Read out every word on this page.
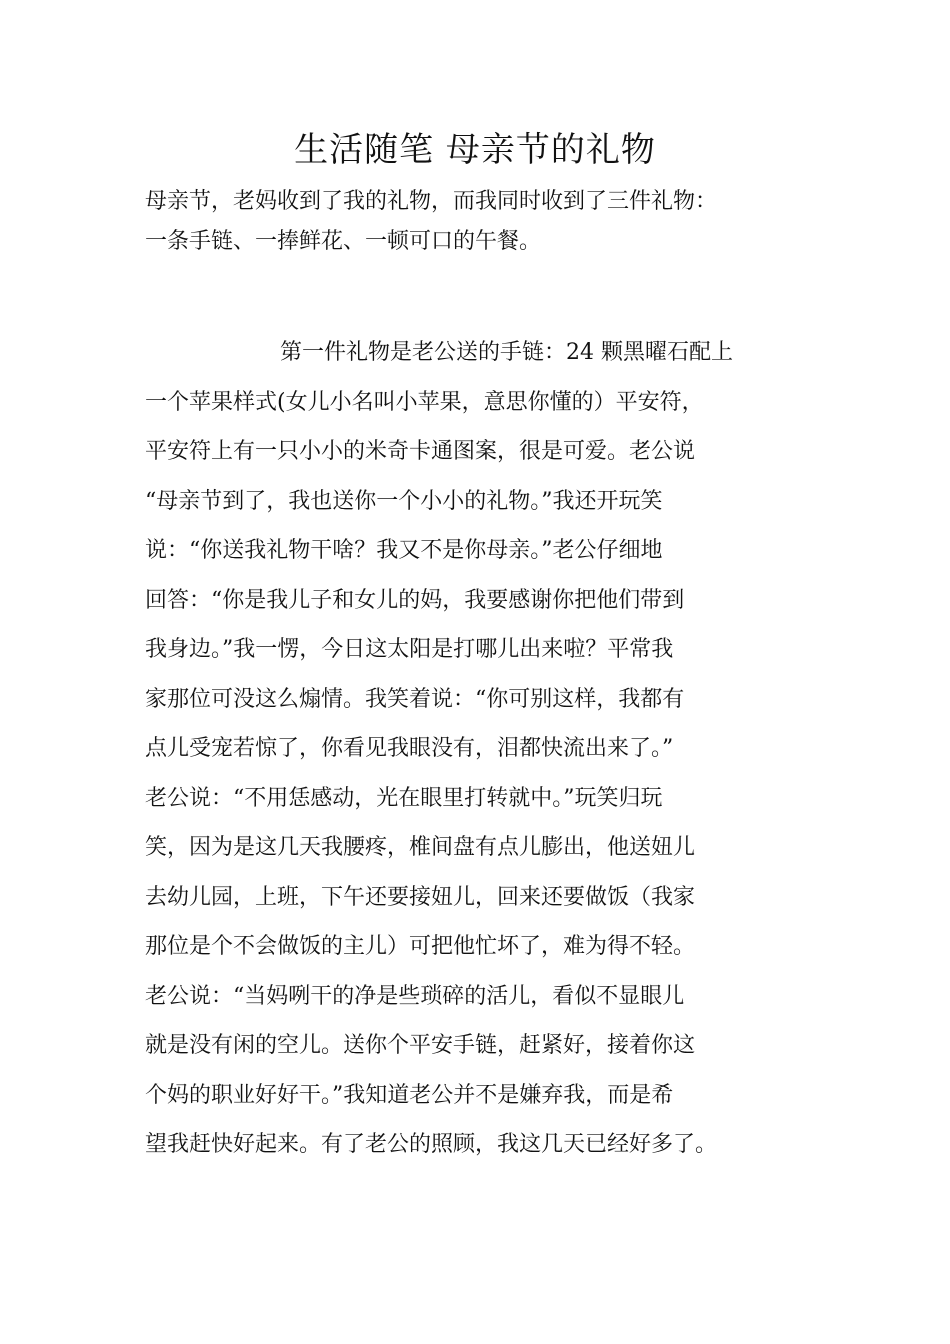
生活随笔 母亲节的礼物
母亲节，老妈收到了我的礼物，而我同时收到了三件礼物：
一条手链、一捧鲜花、一顿可口的午餐。
第一件礼物是老公送的手链：24 颗黑曜石配上
一个苹果样式(女儿小名叫小苹果，意思你懂的）平安符，
平安符上有一只小小的米奇卡通图案，很是可爱。老公说
“母亲节到了，我也送你一个小小的礼物。”我还开玩笑
说：“你送我礼物干啥？我又不是你母亲。”老公仔细地
回答：“你是我儿子和女儿的妈，我要感谢你把他们带到
我身边。”我一愣，今日这太阳是打哪儿出来啦？平常我
家那位可没这么煽情。我笑着说：“你可别这样，我都有
点儿受宠若惊了，你看见我眼没有，泪都快流出来了。”
老公说：“不用恁感动，光在眼里打转就中。”玩笑归玩
笑，因为是这几天我腰疼，椎间盘有点儿膨出，他送妞儿
去幼儿园，上班，下午还要接妞儿，回来还要做饭（我家
那位是个不会做饭的主儿）可把他忙坏了，难为得不轻。
老公说：“当妈咧干的净是些琐碎的活儿，看似不显眼儿
就是没有闲的空儿。送你个平安手链，赶紧好，接着你这
个妈的职业好好干。”我知道老公并不是嫌弃我，而是希
望我赶快好起来。有了老公的照顾，我这几天已经好多了。
